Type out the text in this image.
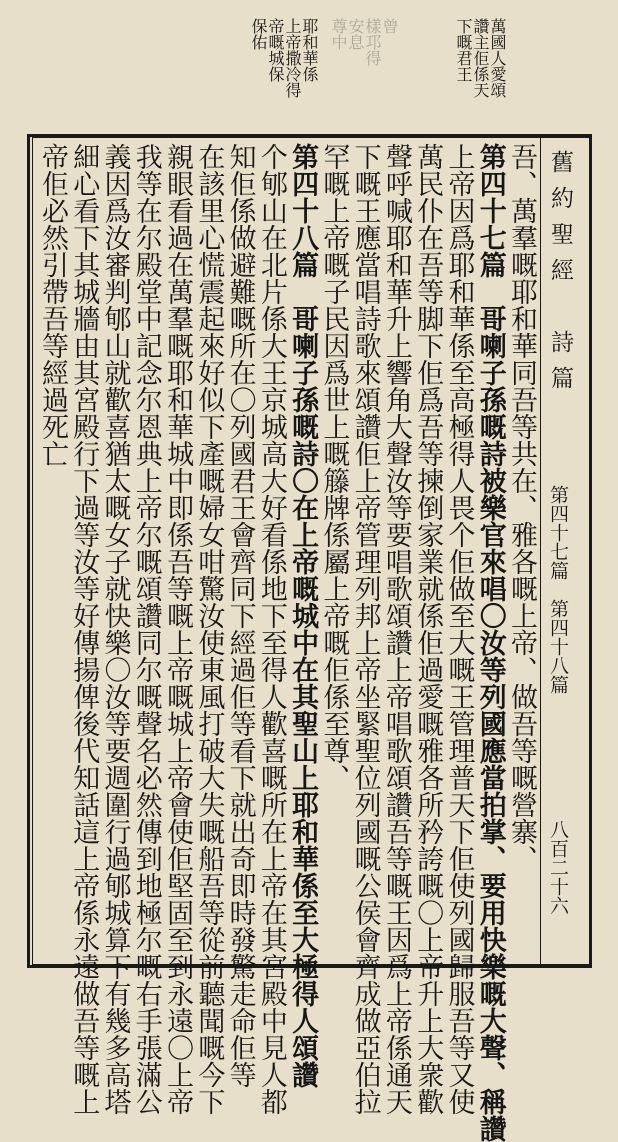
萬國人愛頌
讚主佢係天
下嘅君王
曾
樣邛得
安息
尊中
耶和華係
上帝撒冷得
帝嘅城保
保佑
舊約聖經　詩篇
第四十七篇　第四十八篇
八百二十六
吾、萬羣嘅耶和華同吾等共在、雅各嘅上帝、做吾等嘅營寨、
第四十七篇　哥喇子孫嘅詩被樂官來唱〇汝等列國應當拍掌、要用快樂嘅大聲、稱讚
上帝因爲耶和華係至高極得人畏个佢做至大嘅王管理普天下佢使列國歸服吾等又使
萬民仆在吾等脚下佢爲吾等揀倒家業就係佢過愛嘅雅各所矜誇嘅〇上帝升上大衆歡
聲呼喊耶和華升上響角大聲汝等要唱歌頌讚上帝唱歌頌讚吾等嘅王因爲上帝係通天
下嘅王應當唱詩歌來頌讚佢上帝管理列邦上帝坐緊聖位列國嘅公侯會齊成做亞伯拉
罕嘅上帝嘅子民因爲世上嘅籐牌係屬上帝嘅佢係至尊、
第四十八篇　哥喇子孫嘅詩〇在上帝嘅城中在其聖山上耶和華係至大極得人頌讚
个郇山在北片係大王京城高大好看係地下至得人歡喜嘅所在上帝在其宮殿中見人都
知佢係做避難嘅所在〇列國君王會齊同下經過佢等看下就出奇即時發驚走命佢等
在該里心慌震起來好似下產嘅婦女咁驚汝使東風打破大失嘅船吾等從前聽聞嘅今下
親眼看過在萬羣嘅耶和華城中即係吾等嘅上帝嘅城上帝會使佢堅固至到永遠〇上帝
我等在尔殿堂中記念尔恩典上帝尔嘅頌讚同尔嘅聲名必然傳到地極尔嘅右手張滿公
義因爲汝審判郇山就歡喜猶太嘅女子就快樂〇汝等要週圍行過郇城算下有幾多高塔
細心看下其城牆由其宮殿行下過等汝等好傳揚俾後代知話這上帝係永遠做吾等嘅上
帝佢必然引帶吾等經過死亡
